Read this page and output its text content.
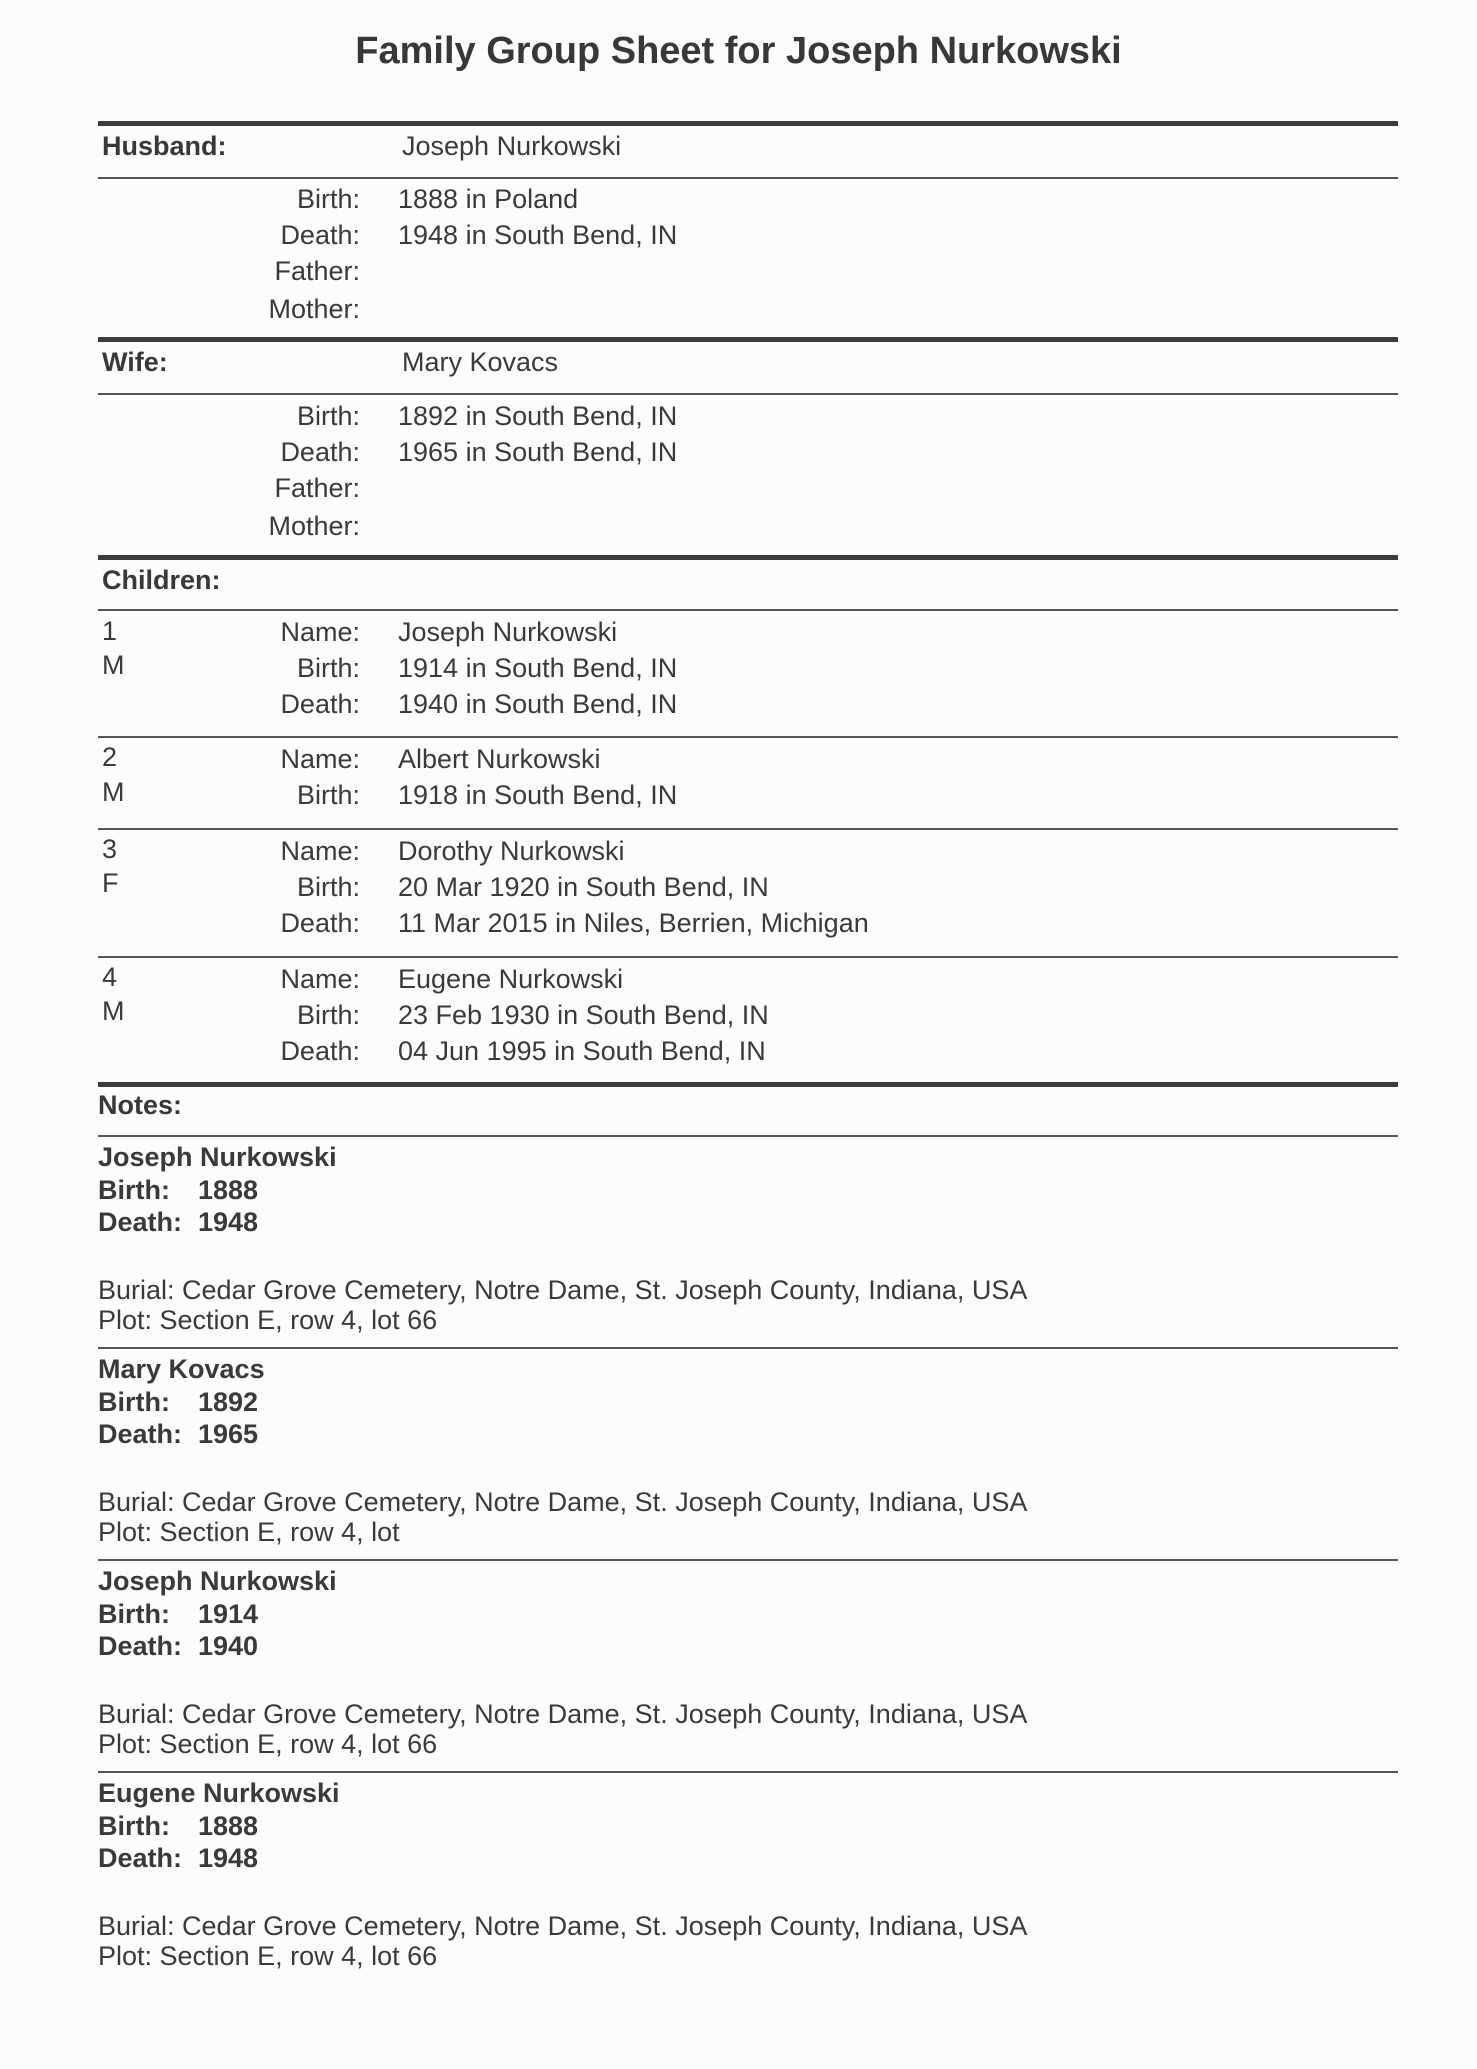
Family Group Sheet for Joseph Nurkowski
Husband:	Joseph Nurkowski
Birth: 1888 in Poland
Death: 1948 in South Bend, IN
Father:
Mother:
Wife:	Mary Kovacs
Birth: 1892 in South Bend, IN
Death: 1965 in South Bend, IN
Father:
Mother:
Children:
1
M
Name: Joseph Nurkowski
Birth: 1914 in South Bend, IN
Death: 1940 in South Bend, IN
2
M
Name: Albert Nurkowski
Birth: 1918 in South Bend, IN
3
F
Name: Dorothy Nurkowski
Birth: 20 Mar 1920 in South Bend, IN
Death: 11 Mar 2015 in Niles, Berrien, Michigan
4
M
Name: Eugene Nurkowski
Birth: 23 Feb 1930 in South Bend, IN
Death: 04 Jun 1995 in South Bend, IN
Notes:
Joseph Nurkowski
Birth: 1888
Death: 1948
Burial: Cedar Grove Cemetery, Notre Dame, St. Joseph County, Indiana, USA
Plot: Section E, row 4, lot 66
Mary Kovacs
Birth: 1892
Death: 1965
Burial: Cedar Grove Cemetery, Notre Dame, St. Joseph County, Indiana, USA
Plot: Section E, row 4, lot
Joseph Nurkowski
Birth: 1914
Death: 1940
Burial: Cedar Grove Cemetery, Notre Dame, St. Joseph County, Indiana, USA
Plot: Section E, row 4, lot 66
Eugene Nurkowski
Birth: 1888
Death: 1948
Burial: Cedar Grove Cemetery, Notre Dame, St. Joseph County, Indiana, USA
Plot: Section E, row 4, lot 66
